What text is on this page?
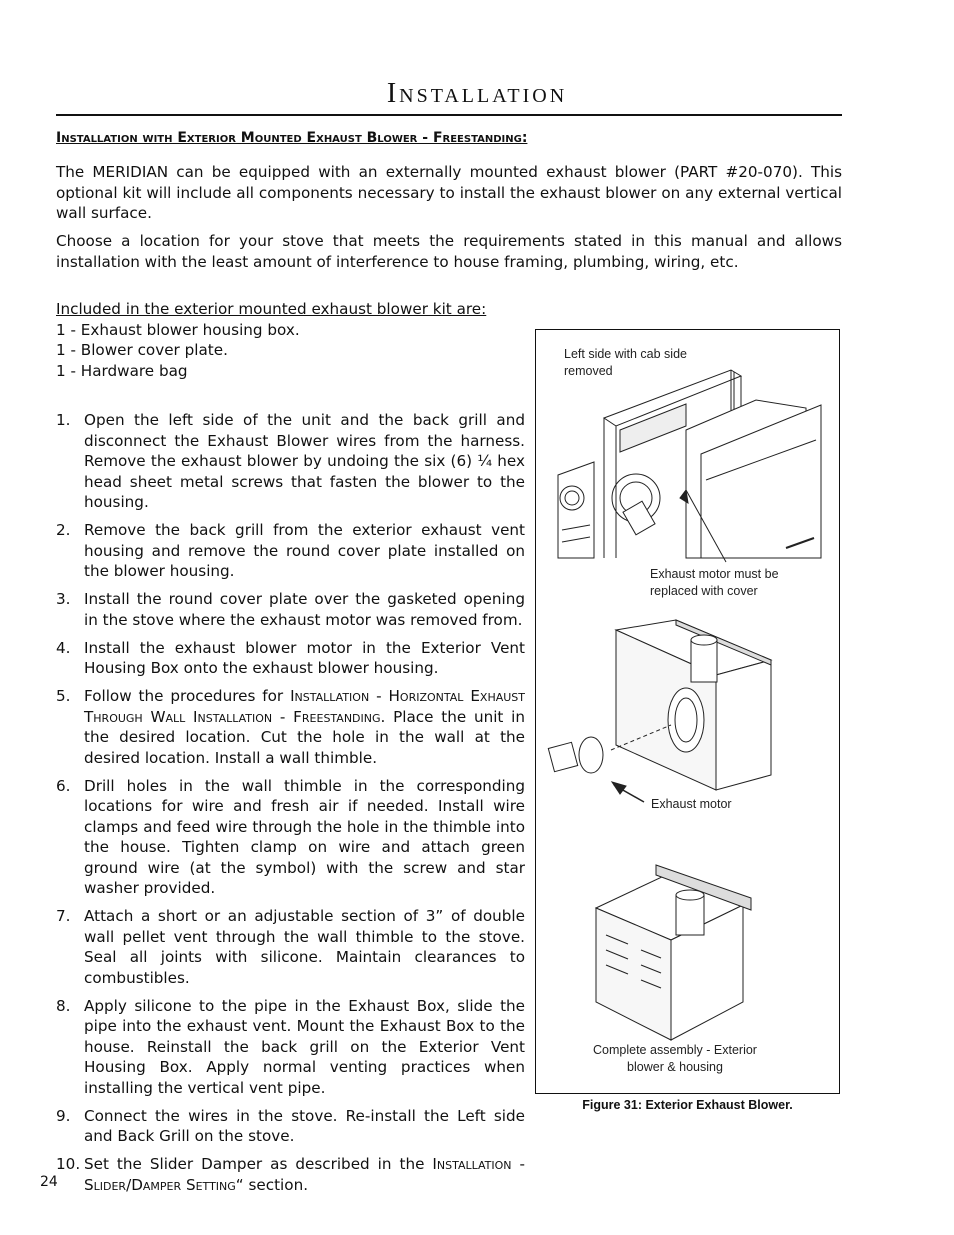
Installation
Installation with Exterior Mounted Exhaust Blower - Freestanding:

The MERIDIAN can be equipped with an externally mounted exhaust blower (PART #20-070). This optional kit will include all components necessary to install the exhaust blower on any external vertical wall surface.

Choose a location for your stove that meets the requirements stated in this manual and allows installation with the least amount of interference to house framing, plumbing, wiring, etc.

Included in the exterior mounted exhaust blower kit are:
1 - Exhaust blower housing box.
1 - Blower cover plate.
1 - Hardware bag
1. Open the left side of the unit and the back grill and disconnect the Exhaust Blower wires from the harness. Remove the exhaust blower by undoing the six (6) ¼ hex head sheet metal screws that fasten the blower to the housing.
2. Remove the back grill from the exterior exhaust vent housing and remove the round cover plate installed on the blower housing.
3. Install the round cover plate over the gasketed opening in the stove where the exhaust motor was removed from.
4. Install the exhaust blower motor in the Exterior Vent Housing Box onto the exhaust blower housing.
5. Follow the procedures for Installation - Horizontal Exhaust Through Wall Installation - Freestanding. Place the unit in the desired location. Cut the hole in the wall at the desired location. Install a wall thimble.
6. Drill holes in the wall thimble in the corresponding locations for wire and fresh air if needed. Install wire clamps and feed wire through the hole in the thimble into the house. Tighten clamp on wire and attach green ground wire (at the symbol) with the screw and star washer provided.
7. Attach a short or an adjustable section of 3” of double wall pellet vent through the wall thimble to the stove. Seal all joints with silicone. Maintain clearances to combustibles.
8. Apply silicone to the pipe in the Exhaust Box, slide the pipe into the exhaust vent. Mount the Exhaust Box to the house. Reinstall the back grill on the Exterior Vent Housing Box. Apply normal venting practices when installing the vertical vent pipe.
9. Connect the wires in the stove. Re-install the Left side and Back Grill on the stove.
10. Set the Slider Damper as described in the Installation - Slider/Damper Setting“ section.

Left side with cab side
removed

Exhaust motor must be
replaced with cover

Exhaust motor

Complete assembly - Exterior
blower & housing

Figure 31: Exterior Exhaust Blower.

24
